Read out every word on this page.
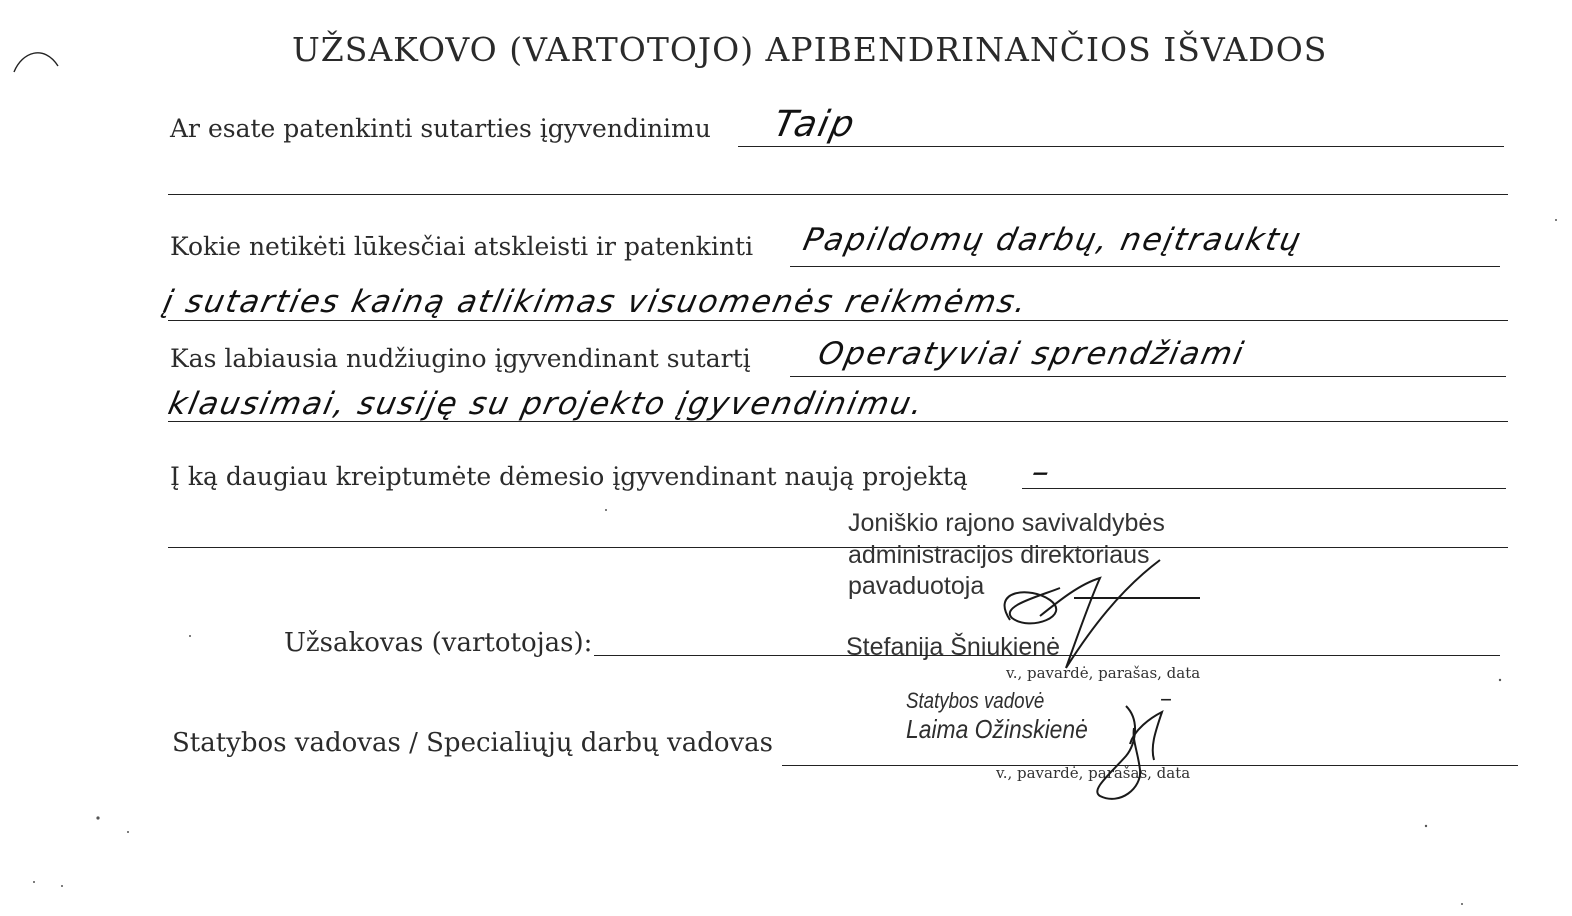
UŽSAKOVO (VARTOTOJO) APIBENDRINANČIOS IŠVADOS
Ar esate patenkinti sutarties įgyvendinimu Taip
Kokie netikėti lūkesčiai atskleisti ir patenkinti Papildomų darbų, neįtrauktų
į sutarties kainą atlikimas visuomenės reikmėms.
Kas labiausia nudžiugino įgyvendinant sutartį Operatyviai sprendžiami
klausimai, susiję su projekto įgyvendinimu.
Į ką daugiau kreiptumėte dėmesio įgyvendinant naują projektą –
Joniškio rajono savivaldybės
administracijos direktoriaus
pavaduotoja
Stefanija Šniukienė
Užsakovas (vartotojas):
v., pavardė, parašas, data
Statybos vadovė
Laima Ožinskienė
–
Statybos vadovas / Specialiųjų darbų vadovas
v., pavardė, parašas, data
